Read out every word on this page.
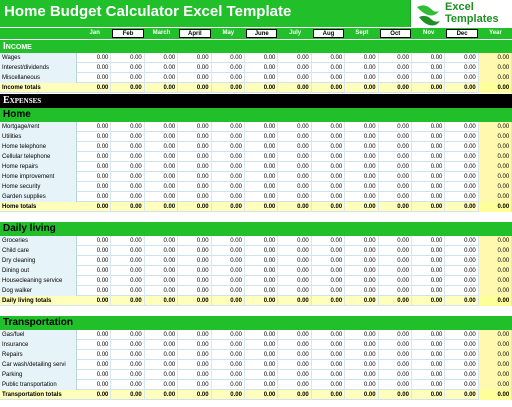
Home Budget Calculator Excel Template	Excel
Templates
Jan	Feb	March	April	May	June	July	Aug	Sept	Oct	Nov	Dec	Year
Income
Wages	0.00	0.00	0.00	0.00	0.00	0.00	0.00	0.00	0.00	0.00	0.00	0.00	0.00
Interest/dividends	0.00	0.00	0.00	0.00	0.00	0.00	0.00	0.00	0.00	0.00	0.00	0.00	0.00
Miscellaneous	0.00	0.00	0.00	0.00	0.00	0.00	0.00	0.00	0.00	0.00	0.00	0.00	0.00
Income totals	0.00	0.00	0.00	0.00	0.00	0.00	0.00	0.00	0.00	0.00	0.00	0.00	0.00
Expenses
Home
Mortgage/rent	0.00	0.00	0.00	0.00	0.00	0.00	0.00	0.00	0.00	0.00	0.00	0.00	0.00
Utilities	0.00	0.00	0.00	0.00	0.00	0.00	0.00	0.00	0.00	0.00	0.00	0.00	0.00
Home telephone	0.00	0.00	0.00	0.00	0.00	0.00	0.00	0.00	0.00	0.00	0.00	0.00	0.00
Cellular telephone	0.00	0.00	0.00	0.00	0.00	0.00	0.00	0.00	0.00	0.00	0.00	0.00	0.00
Home repairs	0.00	0.00	0.00	0.00	0.00	0.00	0.00	0.00	0.00	0.00	0.00	0.00	0.00
Home improvement	0.00	0.00	0.00	0.00	0.00	0.00	0.00	0.00	0.00	0.00	0.00	0.00	0.00
Home security	0.00	0.00	0.00	0.00	0.00	0.00	0.00	0.00	0.00	0.00	0.00	0.00	0.00
Garden supplies	0.00	0.00	0.00	0.00	0.00	0.00	0.00	0.00	0.00	0.00	0.00	0.00	0.00
Home totals	0.00	0.00	0.00	0.00	0.00	0.00	0.00	0.00	0.00	0.00	0.00	0.00	0.00
Daily living
Groceries	0.00	0.00	0.00	0.00	0.00	0.00	0.00	0.00	0.00	0.00	0.00	0.00	0.00
Child care	0.00	0.00	0.00	0.00	0.00	0.00	0.00	0.00	0.00	0.00	0.00	0.00	0.00
Dry cleaning	0.00	0.00	0.00	0.00	0.00	0.00	0.00	0.00	0.00	0.00	0.00	0.00	0.00
Dining out	0.00	0.00	0.00	0.00	0.00	0.00	0.00	0.00	0.00	0.00	0.00	0.00	0.00
Housecleaning service	0.00	0.00	0.00	0.00	0.00	0.00	0.00	0.00	0.00	0.00	0.00	0.00	0.00
Dog walker	0.00	0.00	0.00	0.00	0.00	0.00	0.00	0.00	0.00	0.00	0.00	0.00	0.00
Daily living totals	0.00	0.00	0.00	0.00	0.00	0.00	0.00	0.00	0.00	0.00	0.00	0.00	0.00
Transportation
Gas/fuel	0.00	0.00	0.00	0.00	0.00	0.00	0.00	0.00	0.00	0.00	0.00	0.00	0.00
Insurance	0.00	0.00	0.00	0.00	0.00	0.00	0.00	0.00	0.00	0.00	0.00	0.00	0.00
Repairs	0.00	0.00	0.00	0.00	0.00	0.00	0.00	0.00	0.00	0.00	0.00	0.00	0.00
Car wash/detailing servi	0.00	0.00	0.00	0.00	0.00	0.00	0.00	0.00	0.00	0.00	0.00	0.00	0.00
Parking	0.00	0.00	0.00	0.00	0.00	0.00	0.00	0.00	0.00	0.00	0.00	0.00	0.00
Public transportation	0.00	0.00	0.00	0.00	0.00	0.00	0.00	0.00	0.00	0.00	0.00	0.00	0.00
Transportation totals	0.00	0.00	0.00	0.00	0.00	0.00	0.00	0.00	0.00	0.00	0.00	0.00	0.00
